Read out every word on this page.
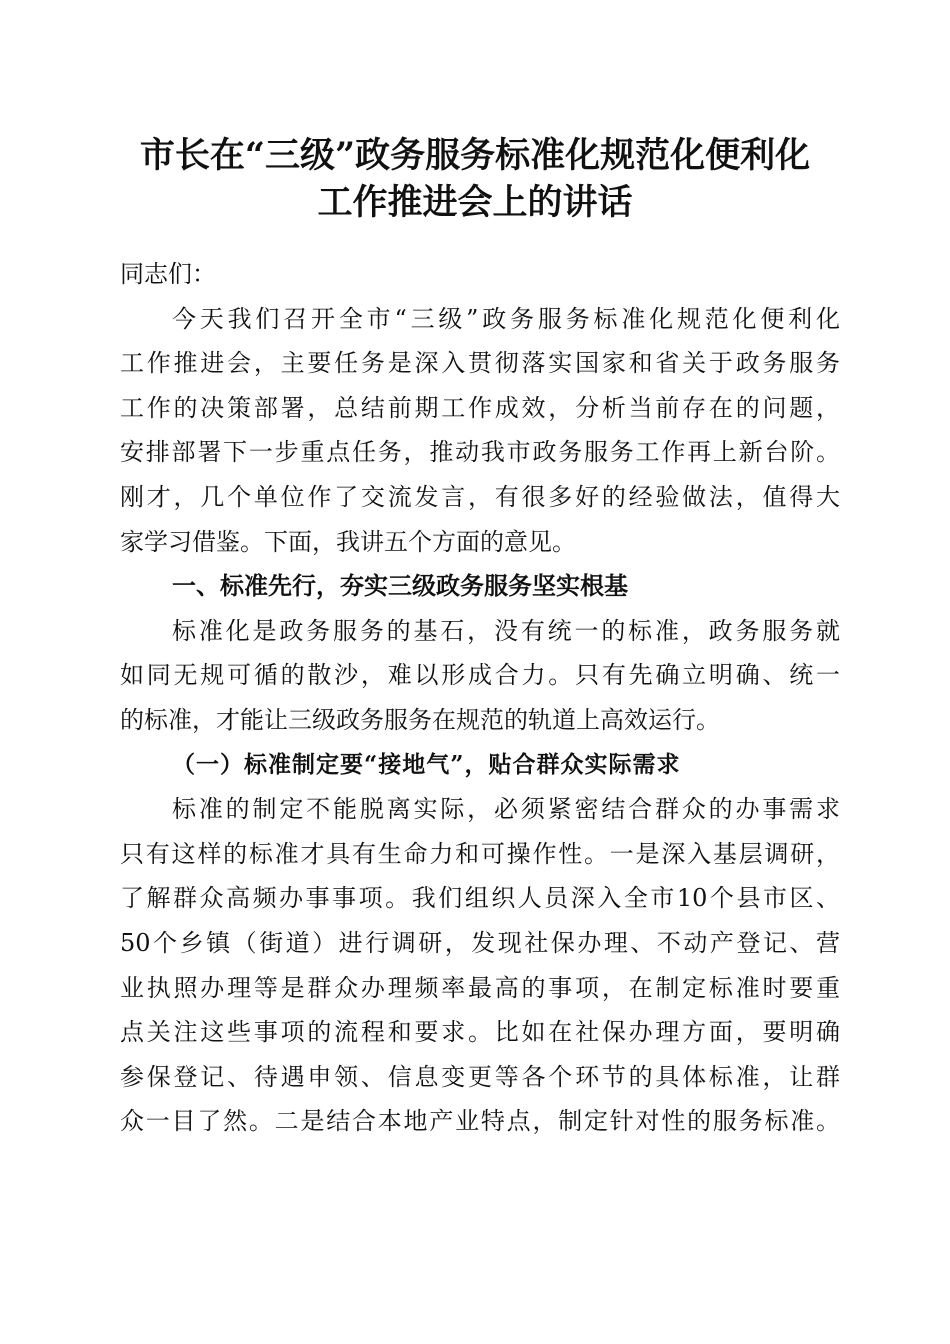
市长在“三级”政务服务标准化规范化便利化
工作推进会上的讲话
同志们：
今天我们召开全市“三级”政务服务标准化规范化便利化
工作推进会，主要任务是深入贯彻落实国家和省关于政务服务
工作的决策部署，总结前期工作成效，分析当前存在的问题，
安排部署下一步重点任务，推动我市政务服务工作再上新台阶。
刚才，几个单位作了交流发言，有很多好的经验做法，值得大
家学习借鉴。下面，我讲五个方面的意见。
一、标准先行，夯实三级政务服务坚实根基
标准化是政务服务的基石，没有统一的标准，政务服务就
如同无规可循的散沙，难以形成合力。只有先确立明确、统一
的标准，才能让三级政务服务在规范的轨道上高效运行。
（一）标准制定要“接地气”，贴合群众实际需求
标准的制定不能脱离实际，必须紧密结合群众的办事需求
只有这样的标准才具有生命力和可操作性。一是深入基层调研，
了解群众高频办事事项。我们组织人员深入全市10个县市区、
50个乡镇（街道）进行调研，发现社保办理、不动产登记、营
业执照办理等是群众办理频率最高的事项，在制定标准时要重
点关注这些事项的流程和要求。比如在社保办理方面，要明确
参保登记、待遇申领、信息变更等各个环节的具体标准，让群
众一目了然。二是结合本地产业特点，制定针对性的服务标准。
